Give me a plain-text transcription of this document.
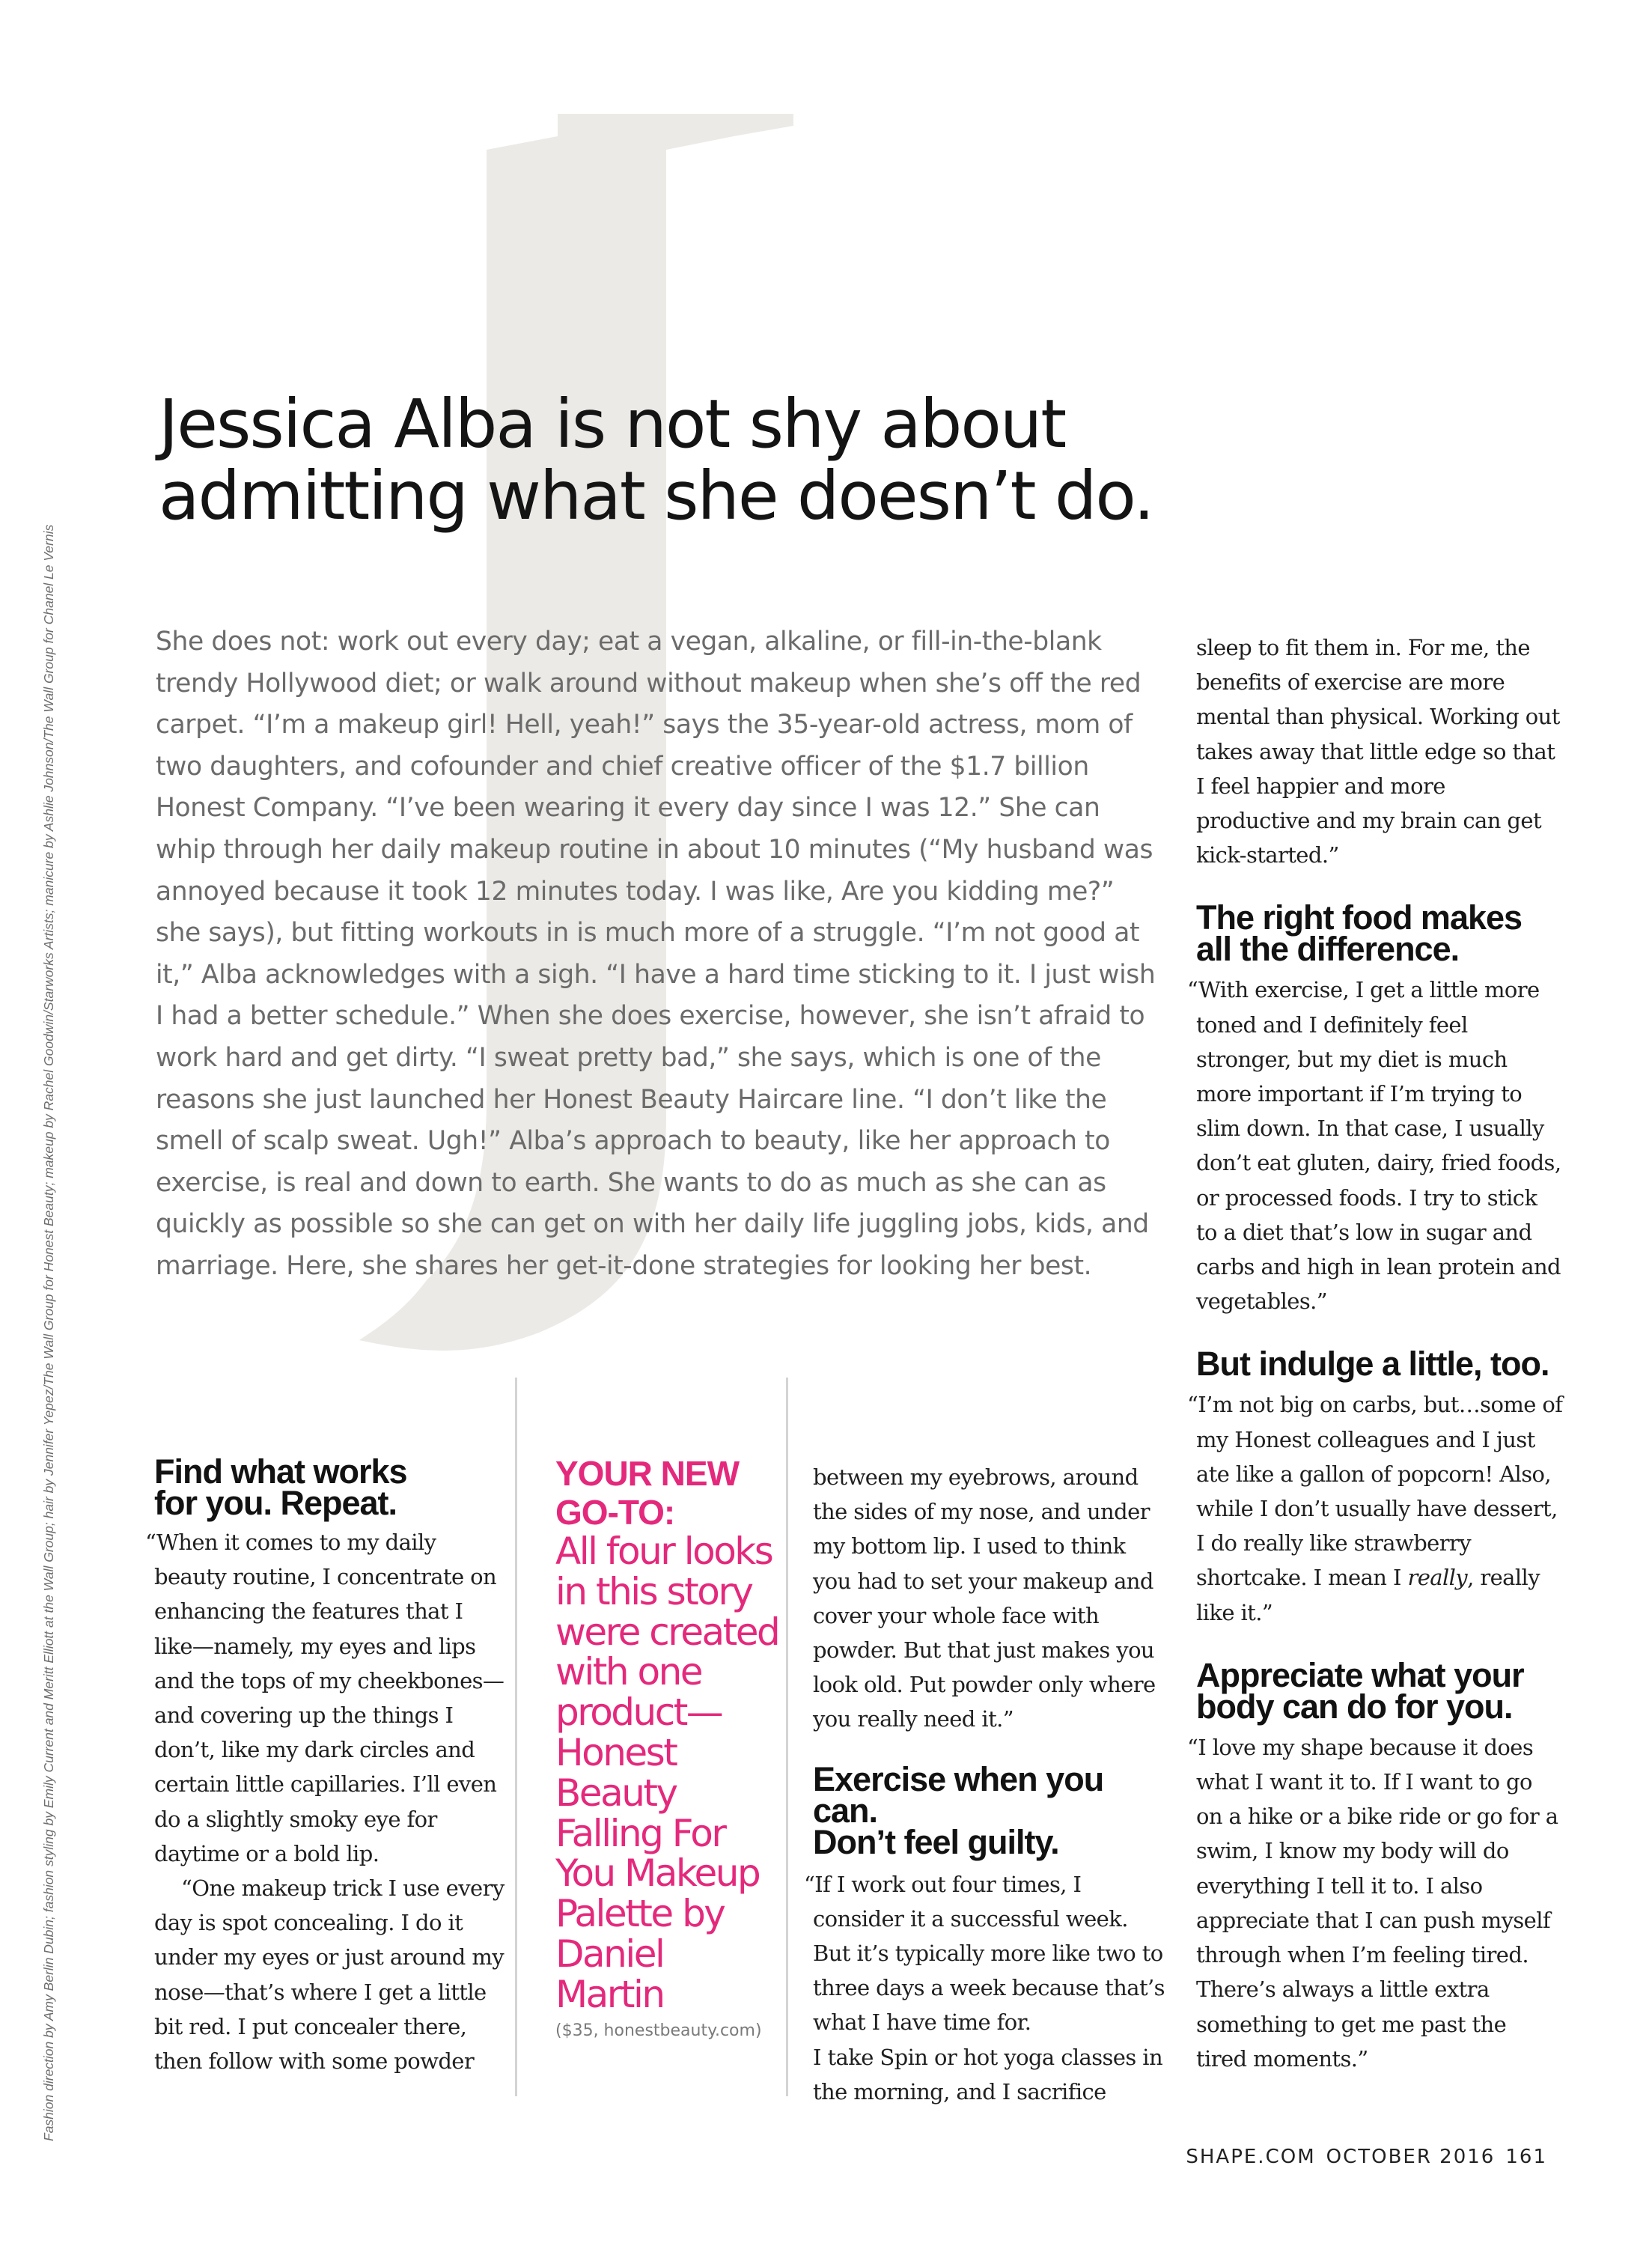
Fashion direction by Amy Berlin Dubin; fashion styling by Emily Current and Meritt Elliott at the Wall Group; hair by Jennifer Yepez/The Wall Group for Honest Beauty; makeup by Rachel Goodwin/Starworks Artists; manicure by Ashlie Johnson/The Wall Group for Chanel Le Vernis
Jessica Alba is not shy about
admitting what she doesn’t do.

She does not: work out every day; eat a vegan, alkaline, or fill-in-the-blank trendy Hollywood diet; or walk around without makeup when she’s off the red carpet. “I’m a makeup girl! Hell, yeah!” says the 35-year-old actress, mom of two daughters, and cofounder and chief creative officer of the $1.7 billion Honest Company. “I’ve been wearing it every day since I was 12.” She can whip through her daily makeup routine in about 10 minutes (“My husband was annoyed because it took 12 minutes today. I was like, Are you kidding me?” she says), but fitting workouts in is much more of a struggle. “I’m not good at it,” Alba acknowledges with a sigh. “I have a hard time sticking to it. I just wish I had a better schedule.” When she does exercise, however, she isn’t afraid to work hard and get dirty. “I sweat pretty bad,” she says, which is one of the reasons she just launched her Honest Beauty Haircare line. “I don’t like the smell of scalp sweat. Ugh!” Alba’s approach to beauty, like her approach to exercise, is real and down to earth. She wants to do as much as she can as quickly as possible so she can get on with her daily life juggling jobs, kids, and marriage. Here, she shares her get-it-done strategies for looking her best.

Find what works
for you. Repeat.

“When it comes to my daily beauty routine, I concentrate on enhancing the features that I like—namely, my eyes and lips and the tops of my cheekbones—and covering up the things I don’t, like my dark circles and certain little capillaries. I’ll even do a slightly smoky eye for daytime or a bold lip.

“One makeup trick I use every day is spot concealing. I do it under my eyes or just around my nose—that’s where I get a little bit red. I put concealer there, then follow with some powder

YOUR NEW
GO-TO:

All four looks in this story were created with one product—Honest Beauty Falling For You Makeup Palette by Daniel Martin

($35, honestbeauty.com)

between my eyebrows, around the sides of my nose, and under my bottom lip. I used to think you had to set your makeup and cover your whole face with powder. But that just makes you look old. Put powder only where you really need it.”

Exercise when you can.
Don’t feel guilty.

“If I work out four times, I consider it a successful week. But it’s typically more like two to three days a week because that’s what I have time for.

I take Spin or hot yoga classes in the morning, and I sacrifice

sleep to fit them in. For me, the benefits of exercise are more mental than physical. Working out takes away that little edge so that I feel happier and more productive and my brain can get kick-started.”

The right food makes
all the difference.

“With exercise, I get a little more toned and I definitely feel stronger, but my diet is much more important if I’m trying to slim down. In that case, I usually don’t eat gluten, dairy, fried foods, or processed foods. I try to stick to a diet that’s low in sugar and carbs and high in lean protein and vegetables.”

But indulge a little, too.

“I’m not big on carbs, but…some of my Honest colleagues and I just ate like a gallon of popcorn! Also, while I don’t usually have dessert, I do really like strawberry shortcake. I mean I really, really like it.”

Appreciate what your
body can do for you.

“I love my shape because it does what I want it to. If I want to go on a hike or a bike ride or go for a swim, I know my body will do everything I tell it to. I also appreciate that I can push myself through when I’m feeling tired. There’s always a little extra something to get me past the tired moments.”

SHAPE.COM OCTOBER 2016 161
